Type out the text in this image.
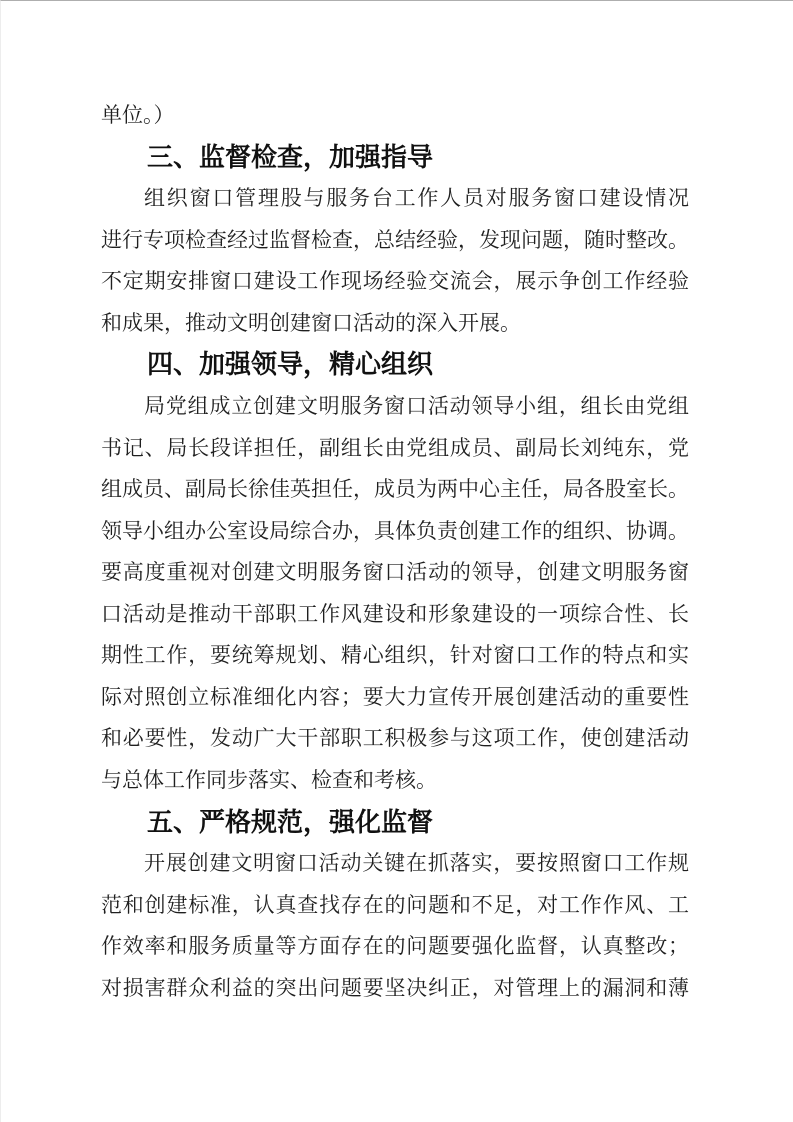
单位。）
三、监督检查，加强指导
组织窗口管理股与服务台工作人员对服务窗口建设情况
进行专项检查经过监督检查，总结经验，发现问题，随时整改。
不定期安排窗口建设工作现场经验交流会，展示争创工作经验
和成果，推动文明创建窗口活动的深入开展。
四、加强领导，精心组织
局党组成立创建文明服务窗口活动领导小组，组长由党组
书记、局长段详担任，副组长由党组成员、副局长刘纯东，党
组成员、副局长徐佳英担任，成员为两中心主任，局各股室长。
领导小组办公室设局综合办，具体负责创建工作的组织、协调。
要高度重视对创建文明服务窗口活动的领导，创建文明服务窗
口活动是推动干部职工作风建设和形象建设的一项综合性、长
期性工作，要统筹规划、精心组织，针对窗口工作的特点和实
际对照创立标准细化内容；要大力宣传开展创建活动的重要性
和必要性，发动广大干部职工积极参与这项工作，使创建活动
与总体工作同步落实、检查和考核。
五、严格规范，强化监督
开展创建文明窗口活动关键在抓落实，要按照窗口工作规
范和创建标准，认真查找存在的问题和不足，对工作作风、工
作效率和服务质量等方面存在的问题要强化监督，认真整改；
对损害群众利益的突出问题要坚决纠正，对管理上的漏洞和薄
